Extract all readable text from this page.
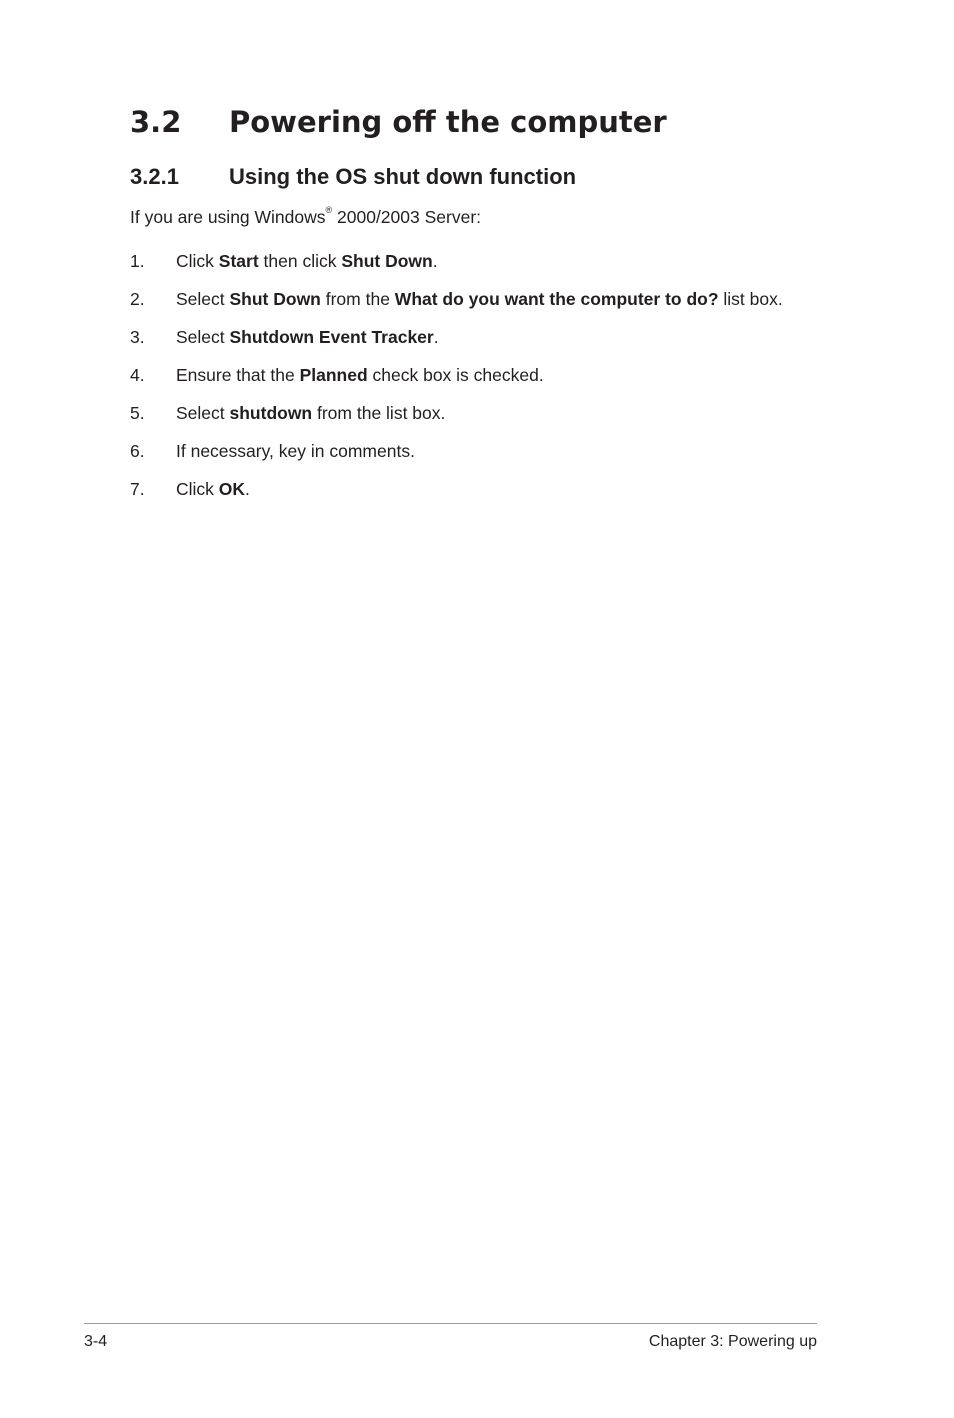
3.2 Powering off the computer
3.2.1 Using the OS shut down function

If you are using Windows® 2000/2003 Server:

1.	Click Start then click Shut Down.
2.	Select Shut Down from the What do you want the computer to do? list box.
3.	Select Shutdown Event Tracker.
4.	Ensure that the Planned check box is checked.
5.	Select shutdown from the list box.
6.	If necessary, key in comments.
7.	Click OK.
3-4	Chapter 3: Powering up
